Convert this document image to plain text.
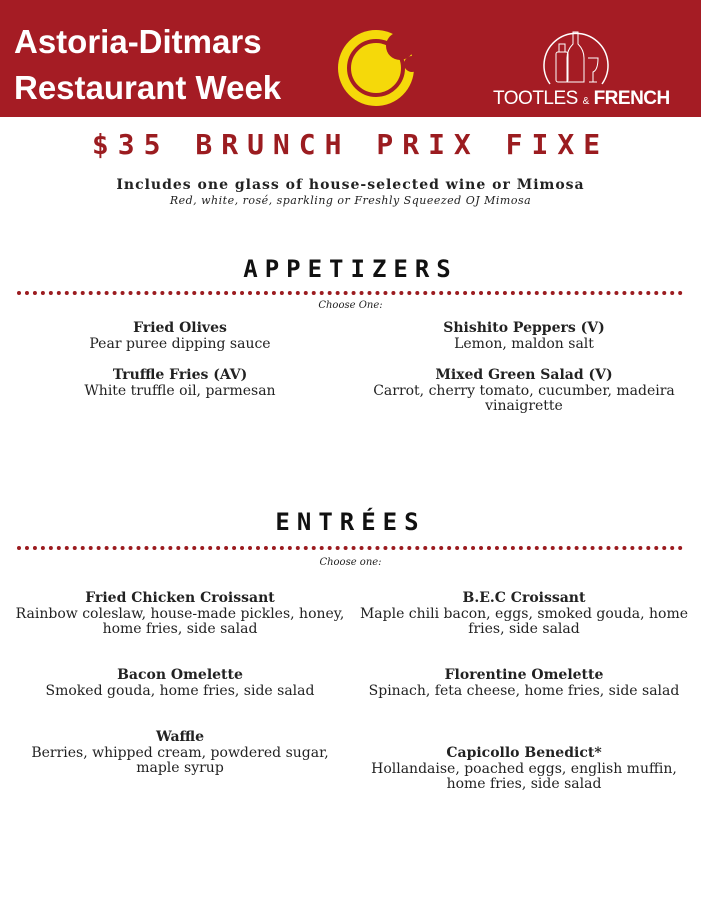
Astoria-Ditmars
Restaurant Week	TOOTLES & FRENCH
$35 BRUNCH PRIX FIXE
Includes one glass of house-selected wine or Mimosa
Red, white, rosé, sparkling or Freshly Squeezed OJ Mimosa
APPETIZERS
Choose One:
Fried Olives
Pear puree dipping sauce
Shishito Peppers (V)
Lemon, maldon salt
Truffle Fries (AV)
White truffle oil, parmesan
Mixed Green Salad (V)
Carrot, cherry tomato, cucumber, madeira vinaigrette
ENTRÉES
Choose one:
Fried Chicken Croissant
Rainbow coleslaw, house-made pickles, honey, home fries, side salad
B.E.C Croissant
Maple chili bacon, eggs, smoked gouda, home fries, side salad
Bacon Omelette
Smoked gouda, home fries, side salad
Florentine Omelette
Spinach, feta cheese, home fries, side salad
Waffle
Berries, whipped cream, powdered sugar, maple syrup
Capicollo Benedict*
Hollandaise, poached eggs, english muffin, home fries, side salad
